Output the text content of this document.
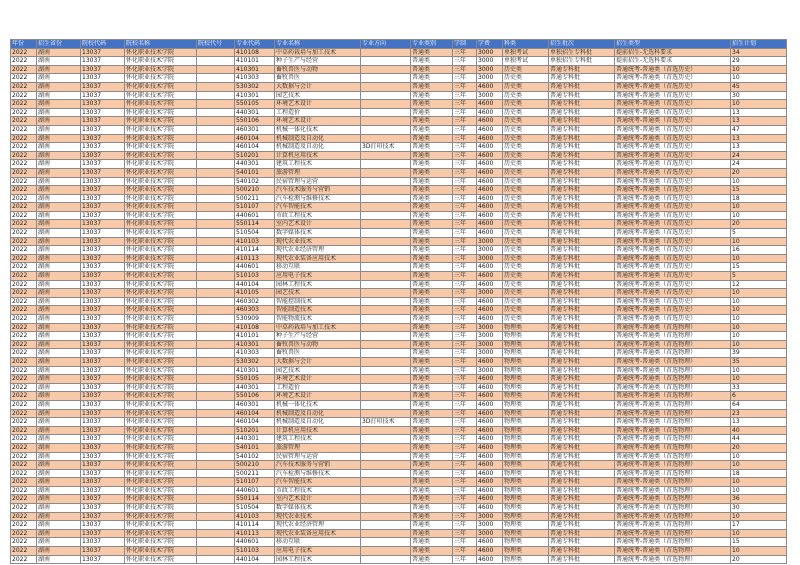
年份	招生省份	院校代码	院校名称	院校代号	专业代码	专业名称	专业方向	专业类别	学制	学费	科类	招生批次	招生类型	招生计划
2022	湖南	13037	怀化职业技术学院		410108	中草药栽培与加工技术		普通类	三年	3000	单独考试	单独招生专科批	提前招生-无选科要求	34
2022	湖南	13037	怀化职业技术学院		410101	种子生产与经营		普通类	三年	3000	单独考试	单独招生专科批	提前招生-无选科要求	29
2022	湖南	13037	怀化职业技术学院		410301	畜牧兽医与动物		普通类	三年	3000	历史类	普通专科批	普通统考-普通类（首选历史）	10
2022	湖南	13037	怀化职业技术学院		410303	畜牧兽医		普通类	三年	3000	历史类	普通专科批	普通统考-普通类（首选历史）	10
2022	湖南	13037	怀化职业技术学院		530302	大数据与会计		普通类	三年	4600	历史类	普通专科批	普通统考-普通类（首选历史）	45
2022	湖南	13037	怀化职业技术学院		410301	园艺技术		普通类	三年	3000	历史类	普通专科批	普通统考-普通类（首选历史）	30
2022	湖南	13037	怀化职业技术学院		550105	环境艺术设计		普通类	三年	4600	历史类	普通专科批	普通统考-普通类（首选历史）	10
2022	湖南	13037	怀化职业技术学院		440301	工程造价		普通类	三年	4600	历史类	普通专科批	普通统考-普通类（首选历史）	13
2022	湖南	13037	怀化职业技术学院		550106	环境艺术设计		普通类	三年	4600	历史类	普通专科批	普通统考-普通类（首选历史）	13
2022	湖南	13037	怀化职业技术学院		460301	机械一体化技术		普通类	三年	4600	历史类	普通专科批	普通统考-普通类（首选历史）	47
2022	湖南	13037	怀化职业技术学院		460104	机械制造及自动化		普通类	三年	4600	历史类	普通专科批	普通统考-普通类（首选历史）	13
2022	湖南	13037	怀化职业技术学院		460104	机械制造及自动化	3D打印技术	普通类	三年	4600	历史类	普通专科批	普通统考-普通类（首选历史）	13
2022	湖南	13037	怀化职业技术学院		510201	计算机应用技术		普通类	三年	4600	历史类	普通专科批	普通统考-普通类（首选历史）	24
2022	湖南	13037	怀化职业技术学院		440301	建筑工程技术		普通类	三年	4600	历史类	普通专科批	普通统考-普通类（首选历史）	24
2022	湖南	13037	怀化职业技术学院		540101	旅游管理		普通类	三年	4600	历史类	普通专科批	普通统考-普通类（首选历史）	20
2022	湖南	13037	怀化职业技术学院		540102	民宿管理与运营		普通类	三年	4600	历史类	普通专科批	普通统考-普通类（首选历史）	10
2022	湖南	13037	怀化职业技术学院		500210	汽车技术服务与营销		普通类	三年	4600	历史类	普通专科批	普通统考-普通类（首选历史）	15
2022	湖南	13037	怀化职业技术学院		500211	汽车检测与维修技术		普通类	三年	4600	历史类	普通专科批	普通统考-普通类（首选历史）	18
2022	湖南	13037	怀化职业技术学院		510107	汽车智能技术		普通类	三年	4600	历史类	普通专科批	普通统考-普通类（首选历史）	10
2022	湖南	13037	怀化职业技术学院		440601	市政工程技术		普通类	三年	4600	历史类	普通专科批	普通统考-普通类（首选历史）	10
2022	湖南	13037	怀化职业技术学院		550114	室内艺术设计		普通类	三年	4600	历史类	普通专科批	普通统考-普通类（首选历史）	20
2022	湖南	13037	怀化职业技术学院		510504	数字媒体技术		普通类	三年	4600	历史类	普通专科批	普通统考-普通类（首选历史）	5
2022	湖南	13037	怀化职业技术学院		410103	现代农业技术		普通类	三年	3000	历史类	普通专科批	普通统考-普通类（首选历史）	10
2022	湖南	13037	怀化职业技术学院		410114	现代农业经济管理		普通类	三年	3000	历史类	普通专科批	普通统考-普通类（首选历史）	16
2022	湖南	13037	怀化职业技术学院		410113	现代农业装备应用技术		普通类	三年	3000	历史类	普通专科批	普通统考-普通类（首选历史）	10
2022	湖南	13037	怀化职业技术学院		440601	移动互联		普通类	三年	4600	历史类	普通专科批	普通统考-普通类（首选历史）	15
2022	湖南	13037	怀化职业技术学院		510103	应用电子技术		普通类	三年	4600	历史类	普通专科批	普通统考-普通类（首选历史）	5
2022	湖南	13037	怀化职业技术学院		440104	园林工程技术		普通类	三年	4600	历史类	普通专科批	普通统考-普通类（首选历史）	12
2022	湖南	13037	怀化职业技术学院		410105	园艺技术		普通类	三年	3000	历史类	普通专科批	普通统考-普通类（首选历史）	10
2022	湖南	13037	怀化职业技术学院		460302	智能控制技术		普通类	三年	4600	历史类	普通专科批	普通统考-普通类（首选历史）	10
2022	湖南	13037	怀化职业技术学院		460303	智能制造技术		普通类	三年	4600	历史类	普通专科批	普通统考-普通类（首选历史）	10
2022	湖南	13037	怀化职业技术学院		530909	智能物流技术		普通类	三年	4600	历史类	普通专科批	普通统考-普通类（首选历史）	10
2022	湖南	13037	怀化职业技术学院		410108	中草药栽培与加工技术		普通类	三年	3000	物理类	普通专科批	普通统考-普通类（首选物理）	10
2022	湖南	13037	怀化职业技术学院		410101	种子生产与经营		普通类	三年	3000	物理类	普通专科批	普通统考-普通类（首选物理）	10
2022	湖南	13037	怀化职业技术学院		410301	畜牧兽医与动物		普通类	三年	3000	物理类	普通专科批	普通统考-普通类（首选物理）	10
2022	湖南	13037	怀化职业技术学院		410303	畜牧兽医		普通类	三年	3000	物理类	普通专科批	普通统考-普通类（首选物理）	39
2022	湖南	13037	怀化职业技术学院		530302	大数据与会计		普通类	三年	4600	物理类	普通专科批	普通统考-普通类（首选物理）	35
2022	湖南	13037	怀化职业技术学院		410301	园艺技术		普通类	三年	3000	物理类	普通专科批	普通统考-普通类（首选物理）	10
2022	湖南	13037	怀化职业技术学院		550105	环境艺术设计		普通类	三年	4600	物理类	普通专科批	普通统考-普通类（首选物理）	10
2022	湖南	13037	怀化职业技术学院		440301	工程造价		普通类	三年	4600	物理类	普通专科批	普通统考-普通类（首选物理）	33
2022	湖南	13037	怀化职业技术学院		550106	环境艺术设计		普通类	三年	4600	物理类	普通专科批	普通统考-普通类（首选物理）	6
2022	湖南	13037	怀化职业技术学院		460301	机械一体化技术		普通类	三年	4600	物理类	普通专科批	普通统考-普通类（首选物理）	64
2022	湖南	13037	怀化职业技术学院		460104	机械制造及自动化		普通类	三年	4600	物理类	普通专科批	普通统考-普通类（首选物理）	23
2022	湖南	13037	怀化职业技术学院		460104	机械制造及自动化	3D打印技术	普通类	三年	4600	物理类	普通专科批	普通统考-普通类（首选物理）	13
2022	湖南	13037	怀化职业技术学院		510201	计算机应用技术		普通类	三年	4600	物理类	普通专科批	普通统考-普通类（首选物理）	40
2022	湖南	13037	怀化职业技术学院		440301	建筑工程技术		普通类	三年	4600	物理类	普通专科批	普通统考-普通类（首选物理）	44
2022	湖南	13037	怀化职业技术学院		540101	旅游管理		普通类	三年	4600	物理类	普通专科批	普通统考-普通类（首选物理）	20
2022	湖南	13037	怀化职业技术学院		540102	民宿管理与运营		普通类	三年	4600	物理类	普通专科批	普通统考-普通类（首选物理）	10
2022	湖南	13037	怀化职业技术学院		500210	汽车技术服务与营销		普通类	三年	4600	物理类	普通专科批	普通统考-普通类（首选物理）	10
2022	湖南	13037	怀化职业技术学院		500211	汽车检测与维修技术		普通类	三年	4600	物理类	普通专科批	普通统考-普通类（首选物理）	18
2022	湖南	13037	怀化职业技术学院		510107	汽车智能技术		普通类	三年	4600	物理类	普通专科批	普通统考-普通类（首选物理）	10
2022	湖南	13037	怀化职业技术学院		440601	市政工程技术		普通类	三年	4600	物理类	普通专科批	普通统考-普通类（首选物理）	10
2022	湖南	13037	怀化职业技术学院		550114	室内艺术设计		普通类	三年	4600	物理类	普通专科批	普通统考-普通类（首选物理）	36
2022	湖南	13037	怀化职业技术学院		510504	数字媒体技术		普通类	三年	4600	物理类	普通专科批	普通统考-普通类（首选物理）	30
2022	湖南	13037	怀化职业技术学院		410103	现代农业技术		普通类	三年	3000	物理类	普通专科批	普通统考-普通类（首选物理）	10
2022	湖南	13037	怀化职业技术学院		410114	现代农业经济管理		普通类	三年	3000	物理类	普通专科批	普通统考-普通类（首选物理）	17
2022	湖南	13037	怀化职业技术学院		410113	现代农业装备应用技术		普通类	三年	3000	物理类	普通专科批	普通统考-普通类（首选物理）	10
2022	湖南	13037	怀化职业技术学院		440601	移动互联		普通类	三年	4600	物理类	普通专科批	普通统考-普通类（首选物理）	15
2022	湖南	13037	怀化职业技术学院		510103	应用电子技术		普通类	三年	4600	物理类	普通专科批	普通统考-普通类（首选物理）	10
2022	湖南	13037	怀化职业技术学院		440104	园林工程技术		普通类	三年	4600	物理类	普通专科批	普通统考-普通类（首选物理）	20
